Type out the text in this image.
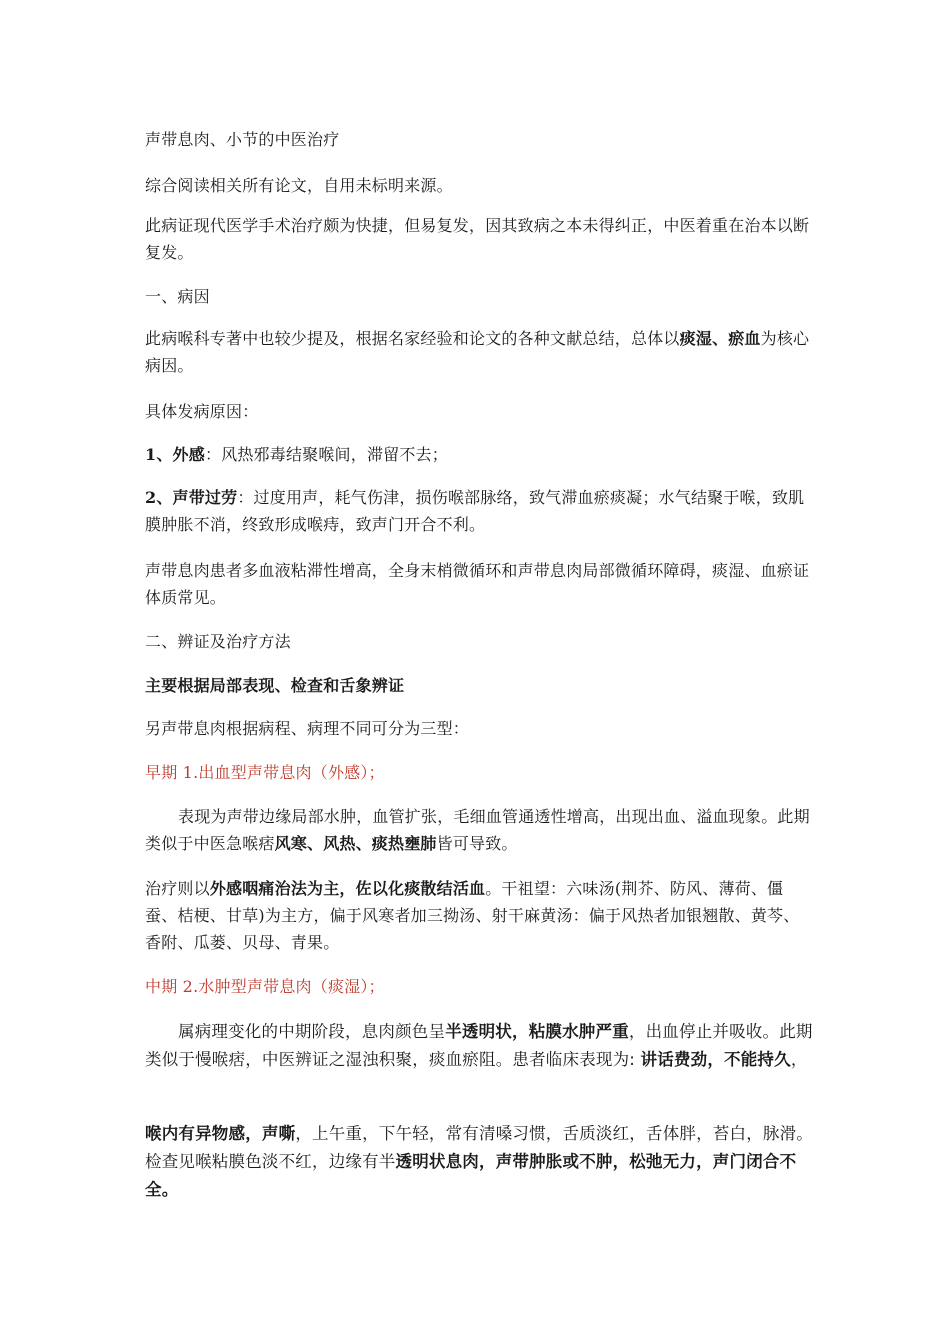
声带息肉、小节的中医治疗
综合阅读相关所有论文，自用未标明来源。
此病证现代医学手术治疗颇为快捷，但易复发，因其致病之本未得纠正，中医着重在治本以断复发。
一、病因
此病喉科专著中也较少提及，根据名家经验和论文的各种文献总结，总体以痰湿、瘀血为核心病因。
具体发病原因：
1、外感：风热邪毒结聚喉间，滞留不去；
2、声带过劳：过度用声，耗气伤津，损伤喉部脉络，致气滞血瘀痰凝；水气结聚于喉，致肌膜肿胀不消，终致形成喉痔，致声门开合不利。
声带息肉患者多血液粘滞性增高，全身末梢微循环和声带息肉局部微循环障碍，痰湿、血瘀证体质常见。
二、辨证及治疗方法
主要根据局部表现、检查和舌象辨证
另声带息肉根据病程、病理不同可分为三型：
早期 1.出血型声带息肉（外感）；
表现为声带边缘局部水肿，血管扩张，毛细血管通透性增高，出现出血、溢血现象。此期类似于中医急喉痞风寒、风热、痰热壅肺皆可导致。
治疗则以外感咽痛治法为主，佐以化痰散结活血。干祖望：六味汤(荆芥、防风、薄荷、僵蚕、桔梗、甘草)为主方，偏于风寒者加三拗汤、射干麻黄汤：偏于风热者加银翘散、黄芩、香附、瓜蒌、贝母、青果。
中期 2.水肿型声带息肉（痰湿）；
属病理变化的中期阶段，息肉颜色呈半透明状，粘膜水肿严重，出血停止并吸收。此期类似于慢喉痞，中医辨证之湿浊积聚，痰血瘀阻。患者临床表现为: 讲话费劲，不能持久，
喉内有异物感，声嘶，上午重，下午轻，常有清嗓习惯，舌质淡红，舌体胖，苔白，脉滑。检查见喉粘膜色淡不红，边缘有半透明状息肉，声带肿胀或不肿，松弛无力，声门闭合不全。
